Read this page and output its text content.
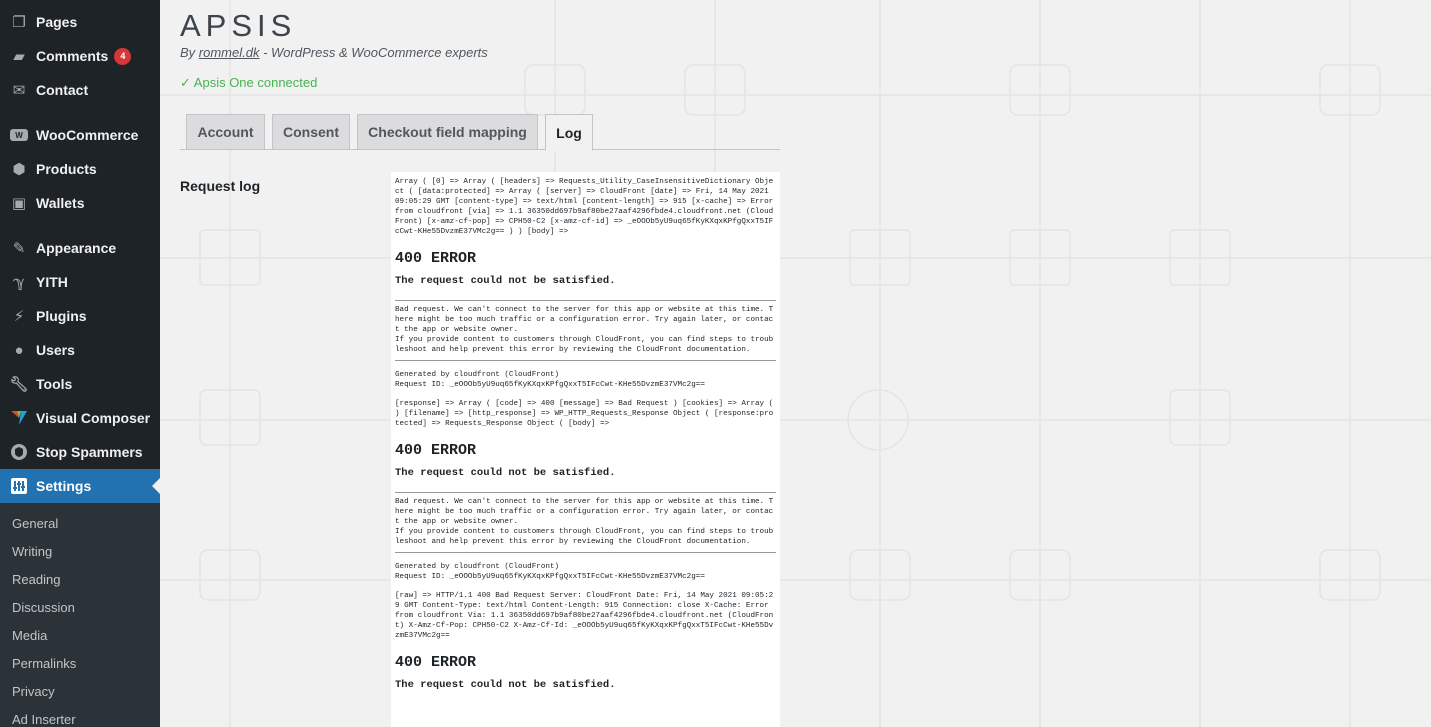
❐ Pages
▰ Comments	4
✉ Contact
W WooCommerce
⬢ Products
▣ Wallets
✎ Appearance
ℽ YITH
⚡ Plugins
● Users
🔧︎ Tools
Visual Composer
Stop Spammers
Settings
General
Writing
Reading
Discussion
Media
Permalinks
Privacy
Ad Inserter
APSIS
By rommel.dk - WordPress & WooCommerce experts
✓ Apsis One connected
Account	Consent	Checkout field mapping	Log
Request log	Array ( [0] => Array ( [headers] => Requests_Utility_CaseInsensitiveDictionary Object ( [data:protected] => Array ( [server] => CloudFront [date] => Fri, 14 May 2021 09:05:29 GMT [content-type] => text/html [content-length] => 915 [x-cache] => Error from cloudfront [via] => 1.1 36350dd697b9af80be27aaf4296fbde4.cloudfront.net (CloudFront) [x-amz-cf-pop] => CPH50-C2 [x-amz-cf-id] => _eOOOb5yU9uq65fKyKXqxKPfgQxxT5IFcCwt-KHe55DvzmE37VMc2g== ) ) [body] =>

400 ERROR
The request could not be satisfied.

Bad request. We can't connect to the server for this app or website at this time. There might be too much traffic or a configuration error. Try again later, or contact the app or website owner.

If you provide content to customers through CloudFront, you can find steps to troubleshoot and help prevent this error by reviewing the CloudFront documentation.

Generated by cloudfront (CloudFront)

Request ID: _eOOOb5yU9uq65fKyKXqxKPfgQxxT5IFcCwt-KHe55DvzmE37VMc2g==

[response] => Array ( [code] => 400 [message] => Bad Request ) [cookies] => Array ( ) [filename] => [http_response] => WP_HTTP_Requests_Response Object ( [response:protected] => Requests_Response Object ( [body] =>

400 ERROR
The request could not be satisfied.

Bad request. We can't connect to the server for this app or website at this time. There might be too much traffic or a configuration error. Try again later, or contact the app or website owner.

If you provide content to customers through CloudFront, you can find steps to troubleshoot and help prevent this error by reviewing the CloudFront documentation.

Generated by cloudfront (CloudFront)

Request ID: _eOOOb5yU9uq65fKyKXqxKPfgQxxT5IFcCwt-KHe55DvzmE37VMc2g==

[raw] => HTTP/1.1 400 Bad Request Server: CloudFront Date: Fri, 14 May 2021 09:05:29 GMT Content-Type: text/html Content-Length: 915 Connection: close X-Cache: Error from cloudfront Via: 1.1 36350dd697b9af80be27aaf4296fbde4.cloudfront.net (CloudFront) X-Amz-Cf-Pop: CPH50-C2 X-Amz-Cf-Id: _eOOOb5yU9uq65fKyKXqxKPfgQxxT5IFcCwt-KHe55DvzmE37VMc2g==

400 ERROR
The request could not be satisfied.
